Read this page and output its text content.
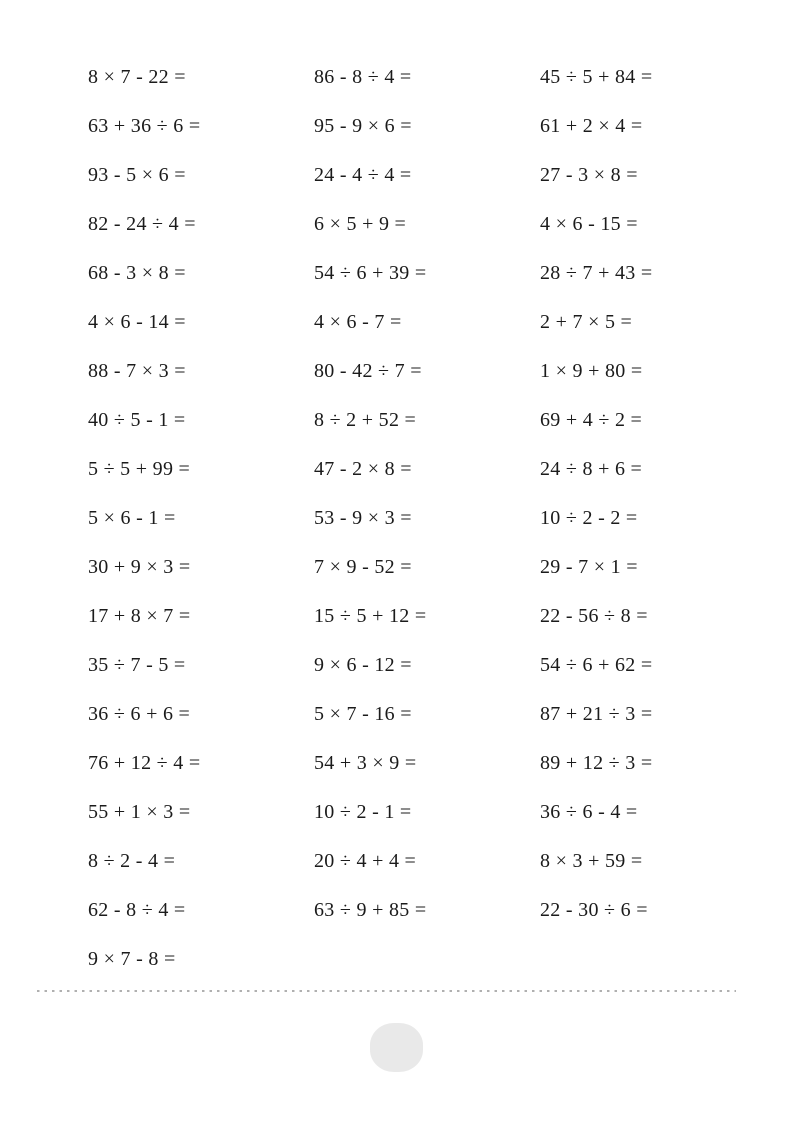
8 × 7 - 22 =	86 - 8 ÷ 4 =	45 ÷ 5 + 84 =
63 + 36 ÷ 6 =	95 - 9 × 6 =	61 + 2 × 4 =
93 - 5 × 6 =	24 - 4 ÷ 4 =	27 - 3 × 8 =
82 - 24 ÷ 4 =	6 × 5 + 9 =	4 × 6 - 15 =
68 - 3 × 8 =	54 ÷ 6 + 39 =	28 ÷ 7 + 43 =
4 × 6 - 14 =	4 × 6 - 7 =	2 + 7 × 5 =
88 - 7 × 3 =	80 - 42 ÷ 7 =	1 × 9 + 80 =
40 ÷ 5 - 1 =	8 ÷ 2 + 52 =	69 + 4 ÷ 2 =
5 ÷ 5 + 99 =	47 - 2 × 8 =	24 ÷ 8 + 6 =
5 × 6 - 1 =	53 - 9 × 3 =	10 ÷ 2 - 2 =
30 + 9 × 3 =	7 × 9 - 52 =	29 - 7 × 1 =
17 + 8 × 7 =	15 ÷ 5 + 12 =	22 - 56 ÷ 8 =
35 ÷ 7 - 5 =	9 × 6 - 12 =	54 ÷ 6 + 62 =
36 ÷ 6 + 6 =	5 × 7 - 16 =	87 + 21 ÷ 3 =
76 + 12 ÷ 4 =	54 + 3 × 9 =	89 + 12 ÷ 3 =
55 + 1 × 3 =	10 ÷ 2 - 1 =	36 ÷ 6 - 4 =
8 ÷ 2 - 4 =	20 ÷ 4 + 4 =	8 × 3 + 59 =
62 - 8 ÷ 4 =	63 ÷ 9 + 85 =	22 - 30 ÷ 6 =
9 × 7 - 8 =
